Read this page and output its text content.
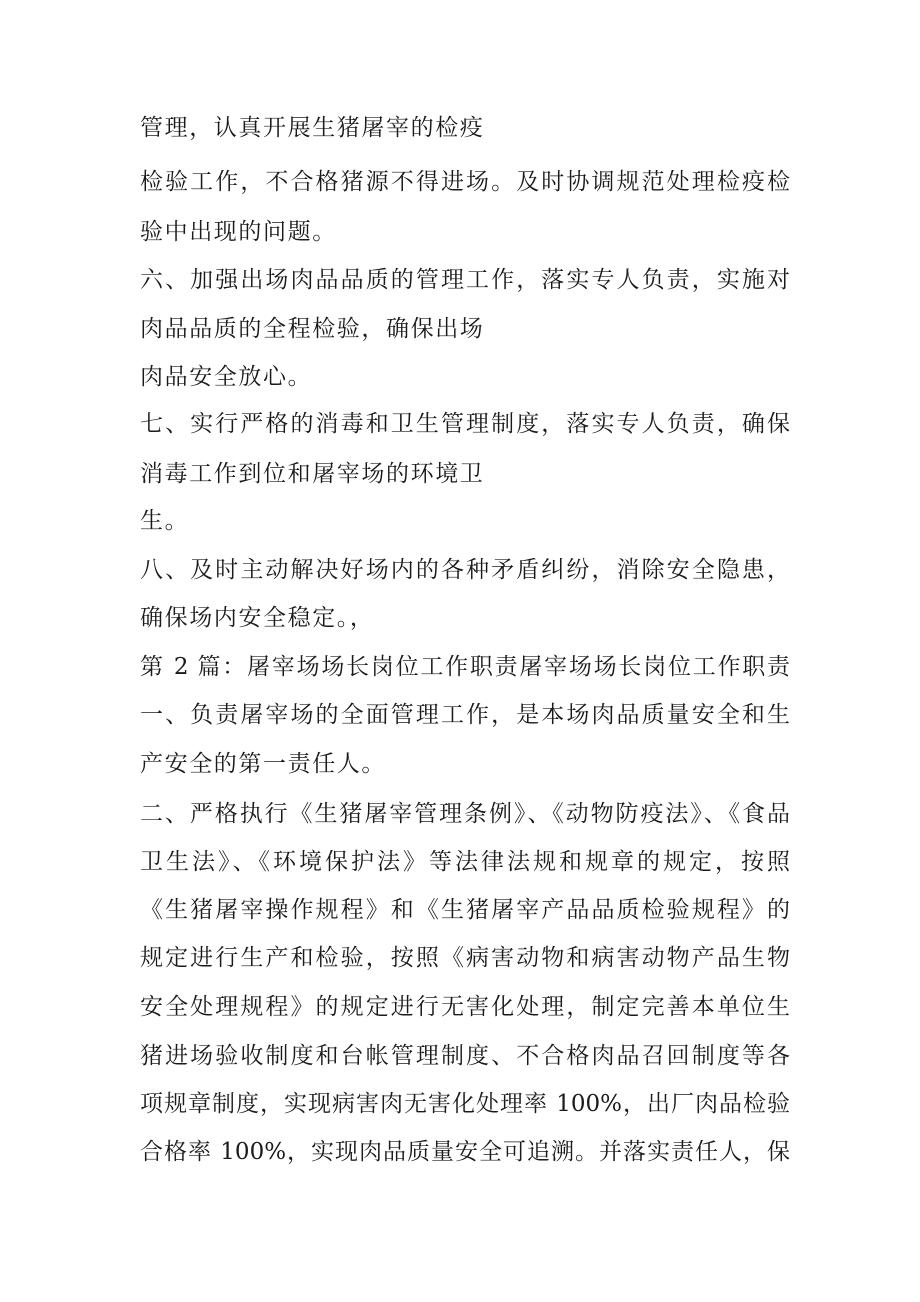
管理，认真开展生猪屠宰的检疫
检验工作，不合格猪源不得进场。及时协调规范处理检疫检
验中出现的问题。
六、加强出场肉品品质的管理工作，落实专人负责，实施对
肉品品质的全程检验，确保出场
肉品安全放心。
七、实行严格的消毒和卫生管理制度，落实专人负责，确保
消毒工作到位和屠宰场的环境卫
生。
八、及时主动解决好场内的各种矛盾纠纷，消除安全隐患，
确保场内安全稳定。，
第 2 篇：屠宰场场长岗位工作职责屠宰场场长岗位工作职责
一、负责屠宰场的全面管理工作，是本场肉品质量安全和生
产安全的第一责任人。
二、严格执行《生猪屠宰管理条例》、《动物防疫法》、《食品
卫生法》、《环境保护法》等法律法规和规章的规定，按照
《生猪屠宰操作规程》和《生猪屠宰产品品质检验规程》的
规定进行生产和检验，按照《病害动物和病害动物产品生物
安全处理规程》的规定进行无害化处理，制定完善本单位生
猪进场验收制度和台帐管理制度、不合格肉品召回制度等各
项规章制度，实现病害肉无害化处理率 100%，出厂肉品检验
合格率 100%，实现肉品质量安全可追溯。并落实责任人，保
